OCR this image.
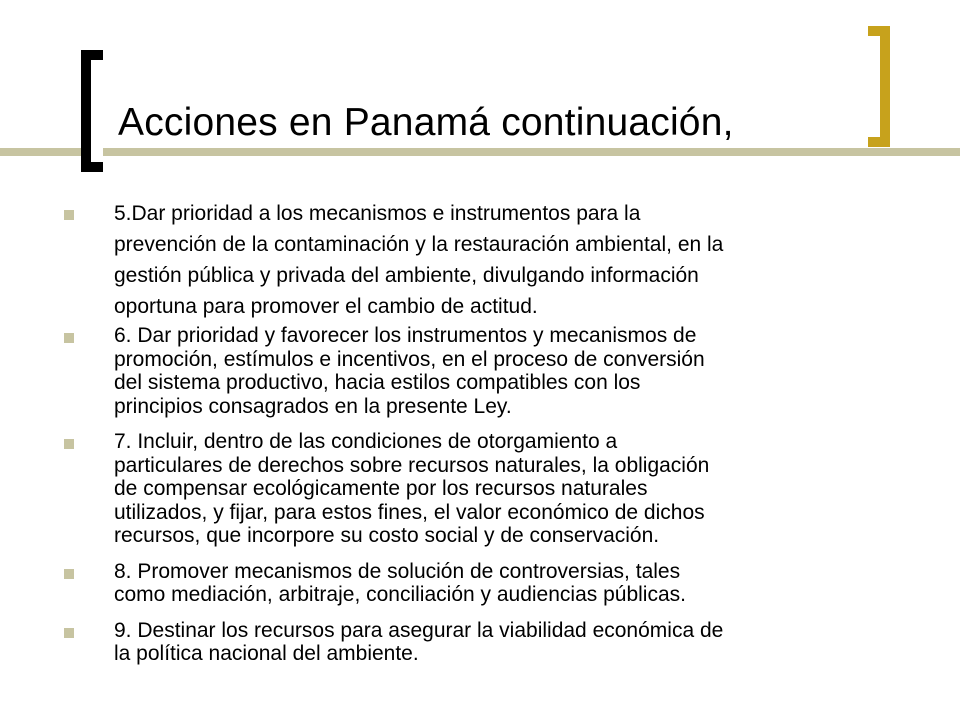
Acciones en Panamá continuación,
5.Dar prioridad a los mecanismos e instrumentos para la
prevención de la contaminación y la restauración ambiental, en la
gestión pública y privada del ambiente, divulgando información
oportuna para promover el cambio de actitud.
6. Dar prioridad y favorecer los instrumentos y mecanismos de
promoción, estímulos e incentivos, en el proceso de conversión
del sistema productivo, hacia estilos compatibles con los
principios consagrados en la presente Ley.
7. Incluir, dentro de las condiciones de otorgamiento a
particulares de derechos sobre recursos naturales, la obligación
de compensar ecológicamente por los recursos naturales
utilizados, y fijar, para estos fines, el valor económico de dichos
recursos, que incorpore su costo social y de conservación.
8. Promover mecanismos de solución de controversias, tales
como mediación, arbitraje, conciliación y audiencias públicas.
9. Destinar los recursos para asegurar la viabilidad económica de
la política nacional del ambiente.
